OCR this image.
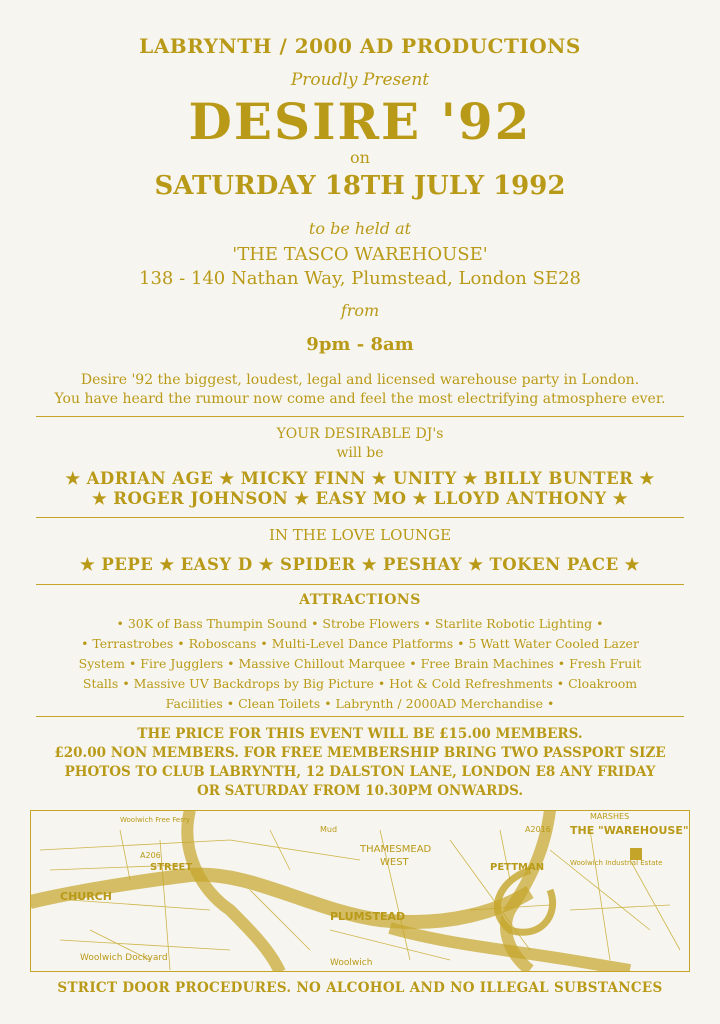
LABRYNTH / 2000 AD PRODUCTIONS
Proudly Present
DESIRE '92
on
SATURDAY 18TH JULY 1992
to be held at
'THE TASCO WAREHOUSE'
138 - 140 Nathan Way, Plumstead, London SE28
from
9pm - 8am
Desire '92 the biggest, loudest, legal and licensed warehouse party in London.
You have heard the rumour now come and feel the most electrifying atmosphere ever.
YOUR DESIRABLE DJ's
will be
★ ADRIAN AGE ★ MICKY FINN ★ UNITY ★ BILLY BUNTER ★
★ ROGER JOHNSON ★ EASY MO ★ LLOYD ANTHONY ★
IN THE LOVE LOUNGE
★ PEPE ★ EASY D ★ SPIDER ★ PESHAY ★ TOKEN PACE ★
ATTRACTIONS
• 30K of Bass Thumpin Sound • Strobe Flowers • Starlite Robotic Lighting •
• Terrastrobes • Roboscans • Multi-Level Dance Platforms • 5 Watt Water Cooled Lazer
System • Fire Jugglers • Massive Chillout Marquee • Free Brain Machines • Fresh Fruit
Stalls • Massive UV Backdrops by Big Picture • Hot & Cold Refreshments • Cloakroom
Facilities • Clean Toilets • Labrynth / 2000AD Merchandise •
THE PRICE FOR THIS EVENT WILL BE £15.00 MEMBERS.
£20.00 NON MEMBERS. FOR FREE MEMBERSHIP BRING TWO PASSPORT SIZE
PHOTOS TO CLUB LABRYNTH, 12 DALSTON LANE, LONDON E8 ANY FRIDAY
OR SATURDAY FROM 10.30PM ONWARDS.
THE "WAREHOUSE"
THAMESMEAD
WEST
PLUMSTEAD
Woolwich Dockyard	Woolwich
MARSHES
CHURCH
STREET
A206
A2016
PETTMAN	Woolwich Industrial Estate
Mud
Woolwich Free Ferry
STRICT DOOR PROCEDURES. NO ALCOHOL AND NO ILLEGAL SUBSTANCES
